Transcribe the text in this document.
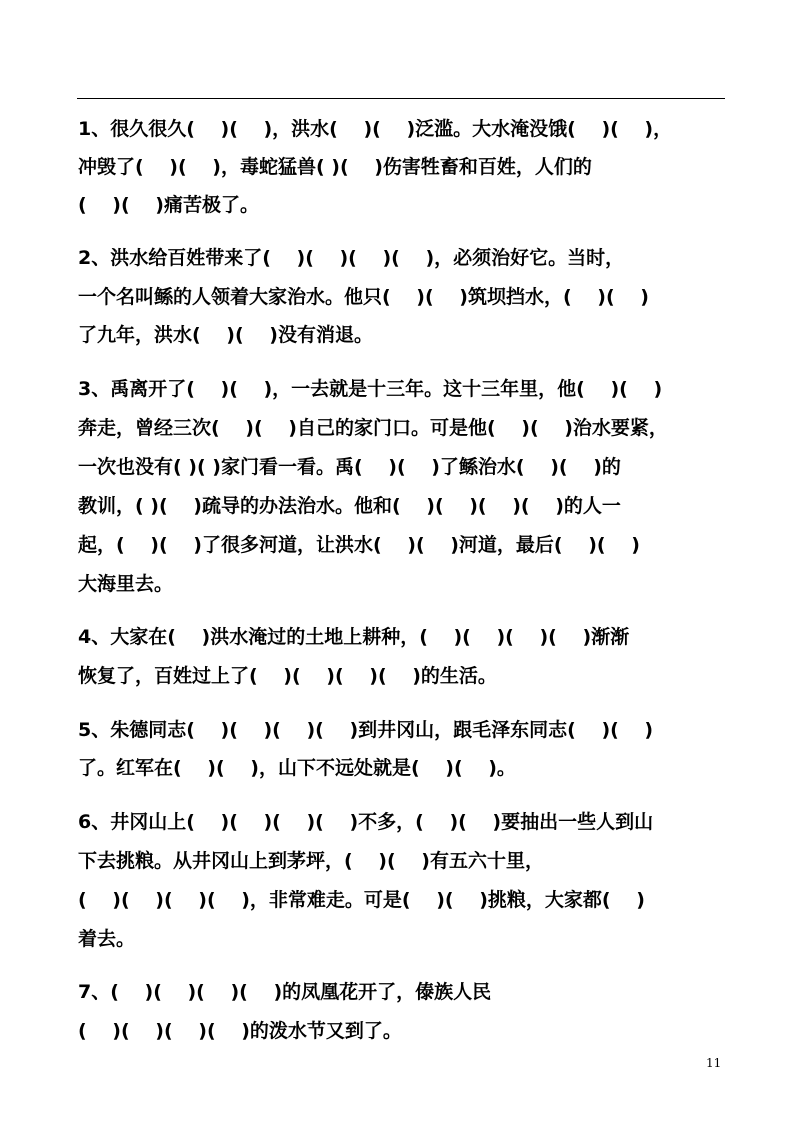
1、很久很久(　 )(　 )，洪水(　 )(　 )泛滥。大水淹没饿(　 )(　 )，
冲毁了(　 )(　 )，毒蛇猛兽( )(　 )伤害牲畜和百姓，人们的
(　 )(　 )痛苦极了。
2、洪水给百姓带来了(　 )(　 )(　 )(　 )，必须治好它。当时，
一个名叫鲧的人领着大家治水。他只(　 )(　 )筑坝挡水，(　 )(　 )
了九年，洪水(　 )(　 )没有消退。
3、禹离开了(　 )(　 )，一去就是十三年。这十三年里，他(　 )(　 )
奔走，曾经三次(　 )(　 )自己的家门口。可是他(　 )(　 )治水要紧，
一次也没有( )( )家门看一看。禹(　 )(　 )了鲧治水(　 )(　 )的
教训，( )(　 )疏导的办法治水。他和(　 )(　 )(　 )(　 )的人一
起，(　 )(　 )了很多河道，让洪水(　 )(　 )河道，最后(　 )(　 )
大海里去。
4、大家在(　 )洪水淹过的土地上耕种，(　 )(　 )(　 )(　 )渐渐
恢复了，百姓过上了(　 )(　 )(　 )(　 )的生活。
5、朱德同志(　 )(　 )(　 )(　 )到井冈山，跟毛泽东同志(　 )(　 )
了。红军在(　 )(　 )，山下不远处就是(　 )(　 )。
6、井冈山上(　 )(　 )(　 )(　 )不多，(　 )(　 )要抽出一些人到山
下去挑粮。从井冈山上到茅坪，(　 )(　 )有五六十里，
(　 )(　 )(　 )(　 )，非常难走。可是(　 )(　 )挑粮，大家都(　 )
着去。
7、(　 )(　 )(　 )(　 )的凤凰花开了，傣族人民
(　 )(　 )(　 )(　 )的泼水节又到了。
11
